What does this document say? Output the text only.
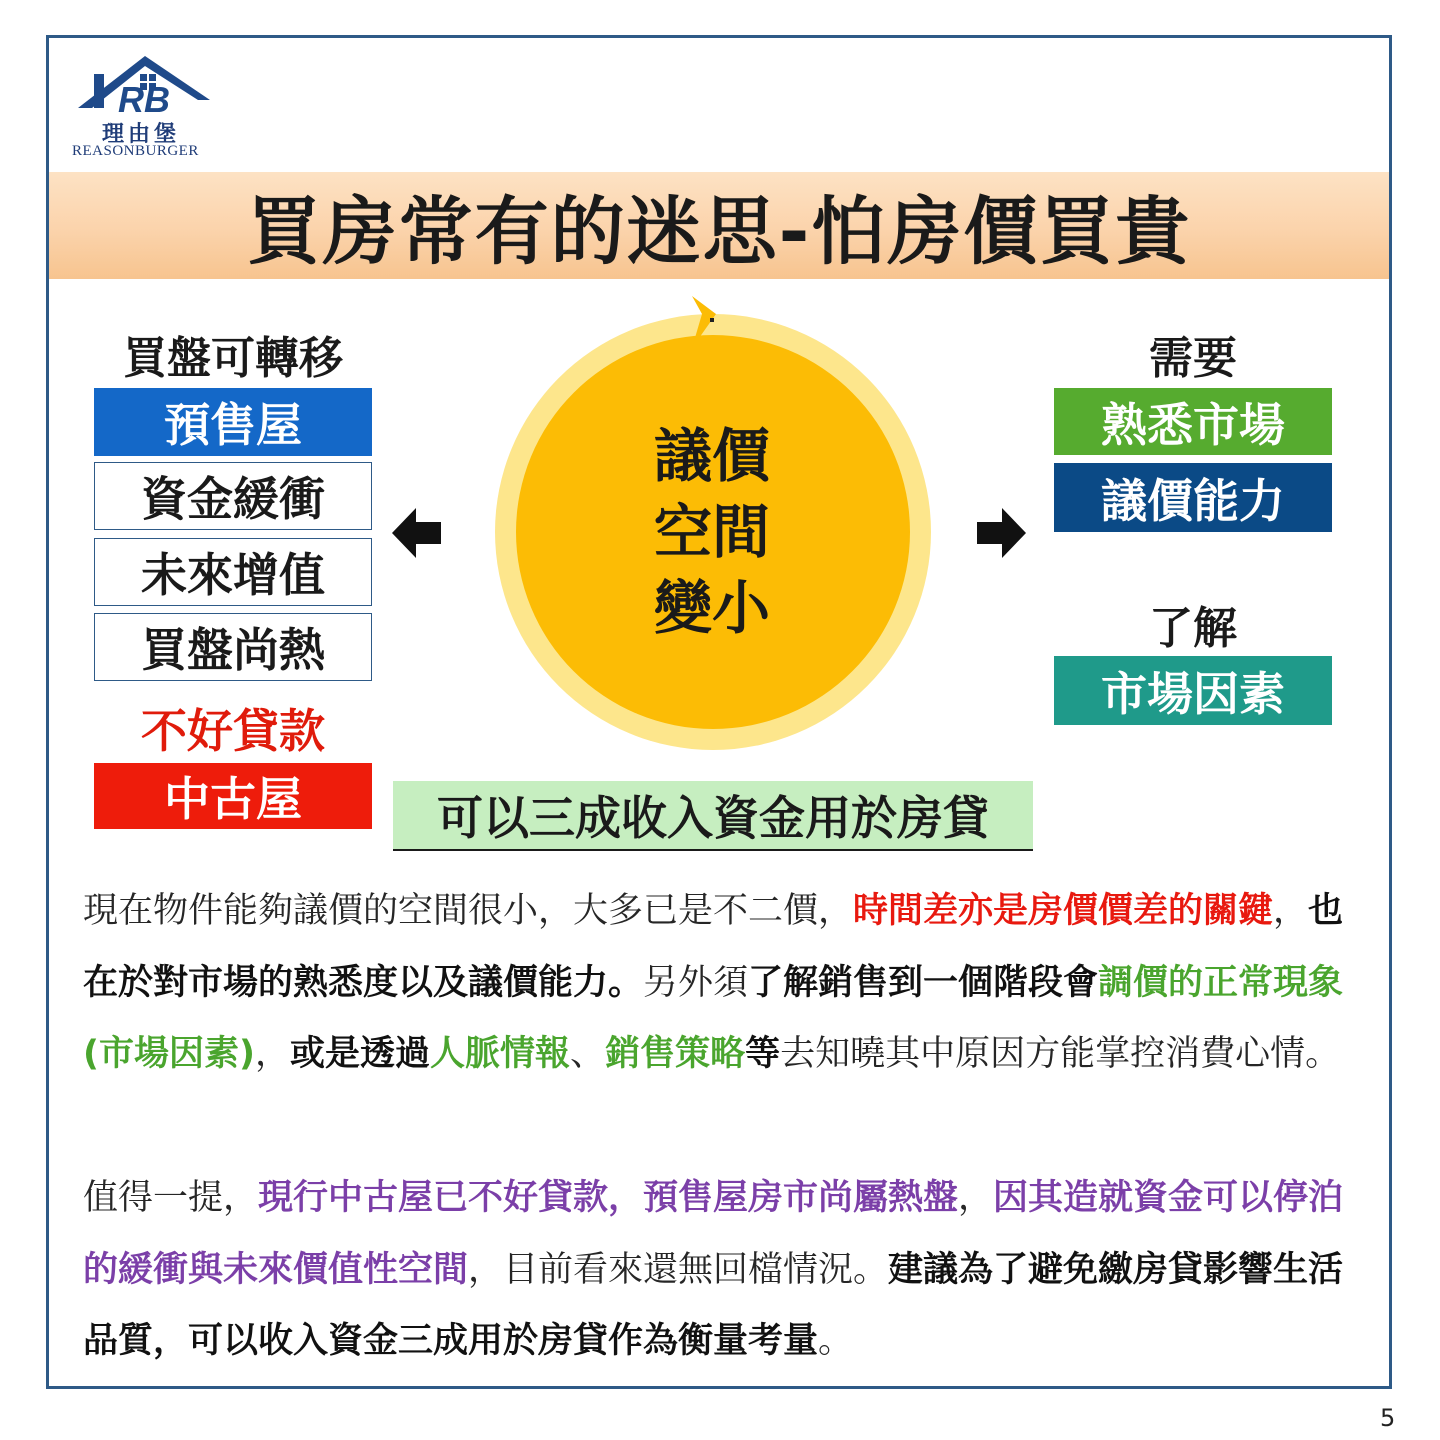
RB
理由堡
REASONBURGER
買房常有的迷思-怕房價買貴
買盤可轉移
預售屋
資金緩衝
未來增值
買盤尚熱
不好貸款
中古屋
議價
空間
變小
需要
熟悉市場
議價能力
了解
市場因素
可以三成收入資金用於房貸

現在物件能夠議價的空間很小，大多已是不二價，時間差亦是房價價差的關鍵，也在於對市場的熟悉度以及議價能力。另外須了解銷售到一個階段會調價的正常現象(市場因素)，或是透過人脈情報、銷售策略等去知曉其中原因方能掌控消費心情。

值得一提，現行中古屋已不好貸款，預售屋房市尚屬熱盤，因其造就資金可以停泊的緩衝與未來價值性空間，目前看來還無回檔情況。建議為了避免繳房貸影響生活品質，可以收入資金三成用於房貸作為衡量考量。

5
